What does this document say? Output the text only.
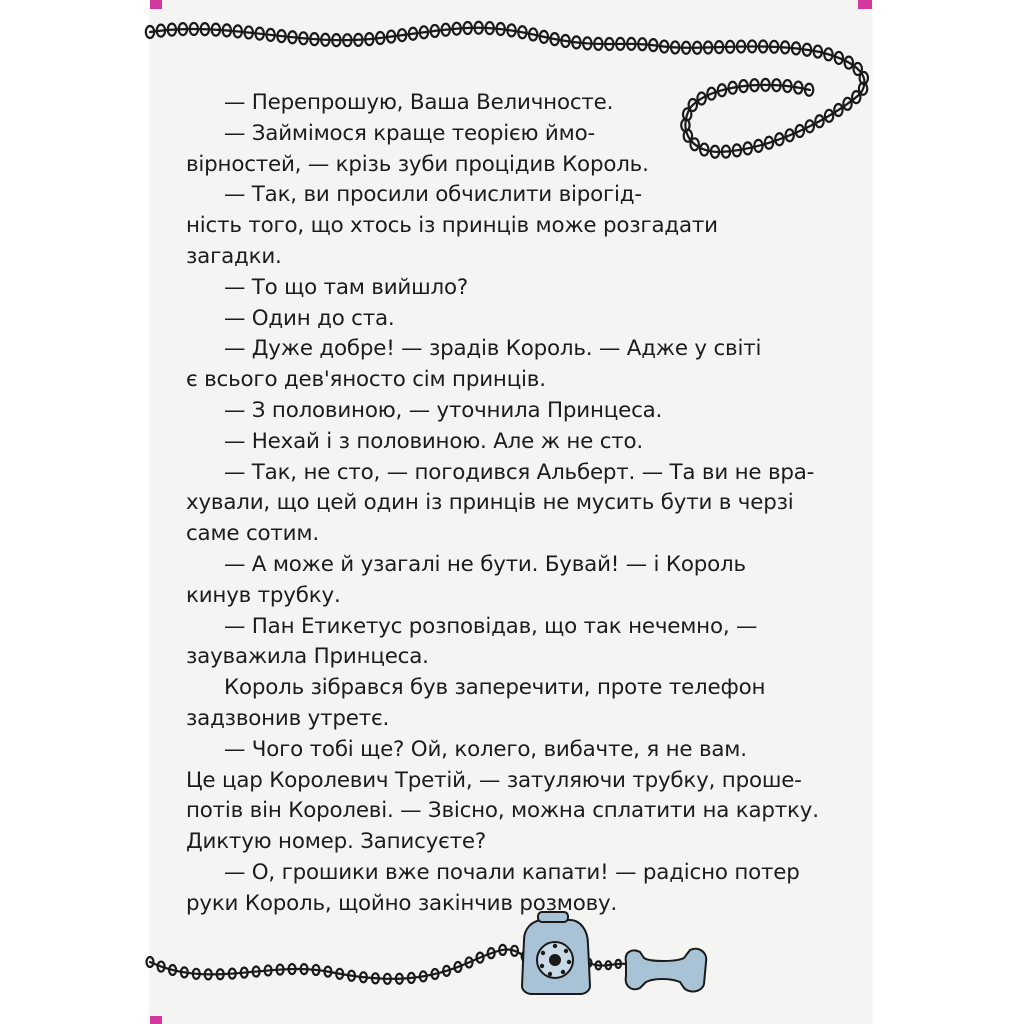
— Перепрошую, Ваша Величносте.
— Займімося краще теорією ймо-
вірностей, — крізь зуби процідив Король.
— Так, ви просили обчислити вірогід-
ність того, що хтось із принців може розгадати
загадки.
— То що там вийшло?
— Один до ста.
— Дуже добре! — зрадів Король. — Адже у світі
є всього дев'яносто сім принців.
— З половиною, — уточнила Принцеса.
— Нехай і з половиною. Але ж не сто.
— Так, не сто, — погодився Альберт. — Та ви не вра-
хували, що цей один із принців не мусить бути в черзі
саме сотим.
— А може й узагалі не бути. Бувай! — і Король
кинув трубку.
— Пан Етикетус розповідав, що так нечемно, —
зауважила Принцеса.
Король зібрався був заперечити, проте телефон
задзвонив утретє.
— Чого тобі ще? Ой, колего, вибачте, я не вам.
Це цар Королевич Третій, — затуляючи трубку, проше-
потів він Королеві. — Звісно, можна сплатити на картку.
Диктую номер. Записуєте?
— О, грошики вже почали капати! — радісно потер
руки Король, щойно закінчив розмову.
